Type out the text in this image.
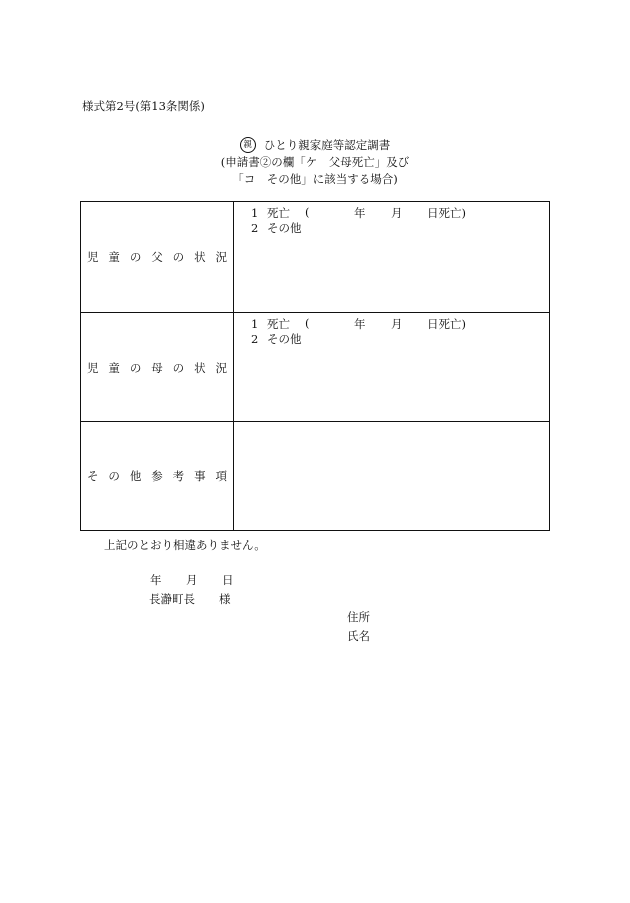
様式第2号(第13条関係)
親 ひとり親家庭等認定調書
(申請書②の欄「ケ　父母死亡」及び
「コ　その他」に該当する場合)
児童の父の状況
1 死亡 (	年 月 日死亡)
2 その他
児童の母の状況
1 死亡 (	年 月 日死亡)
2 その他
その他参考事項
上記のとおり相違ありません。
年 月 日
長瀞町長 様
住所
氏名
